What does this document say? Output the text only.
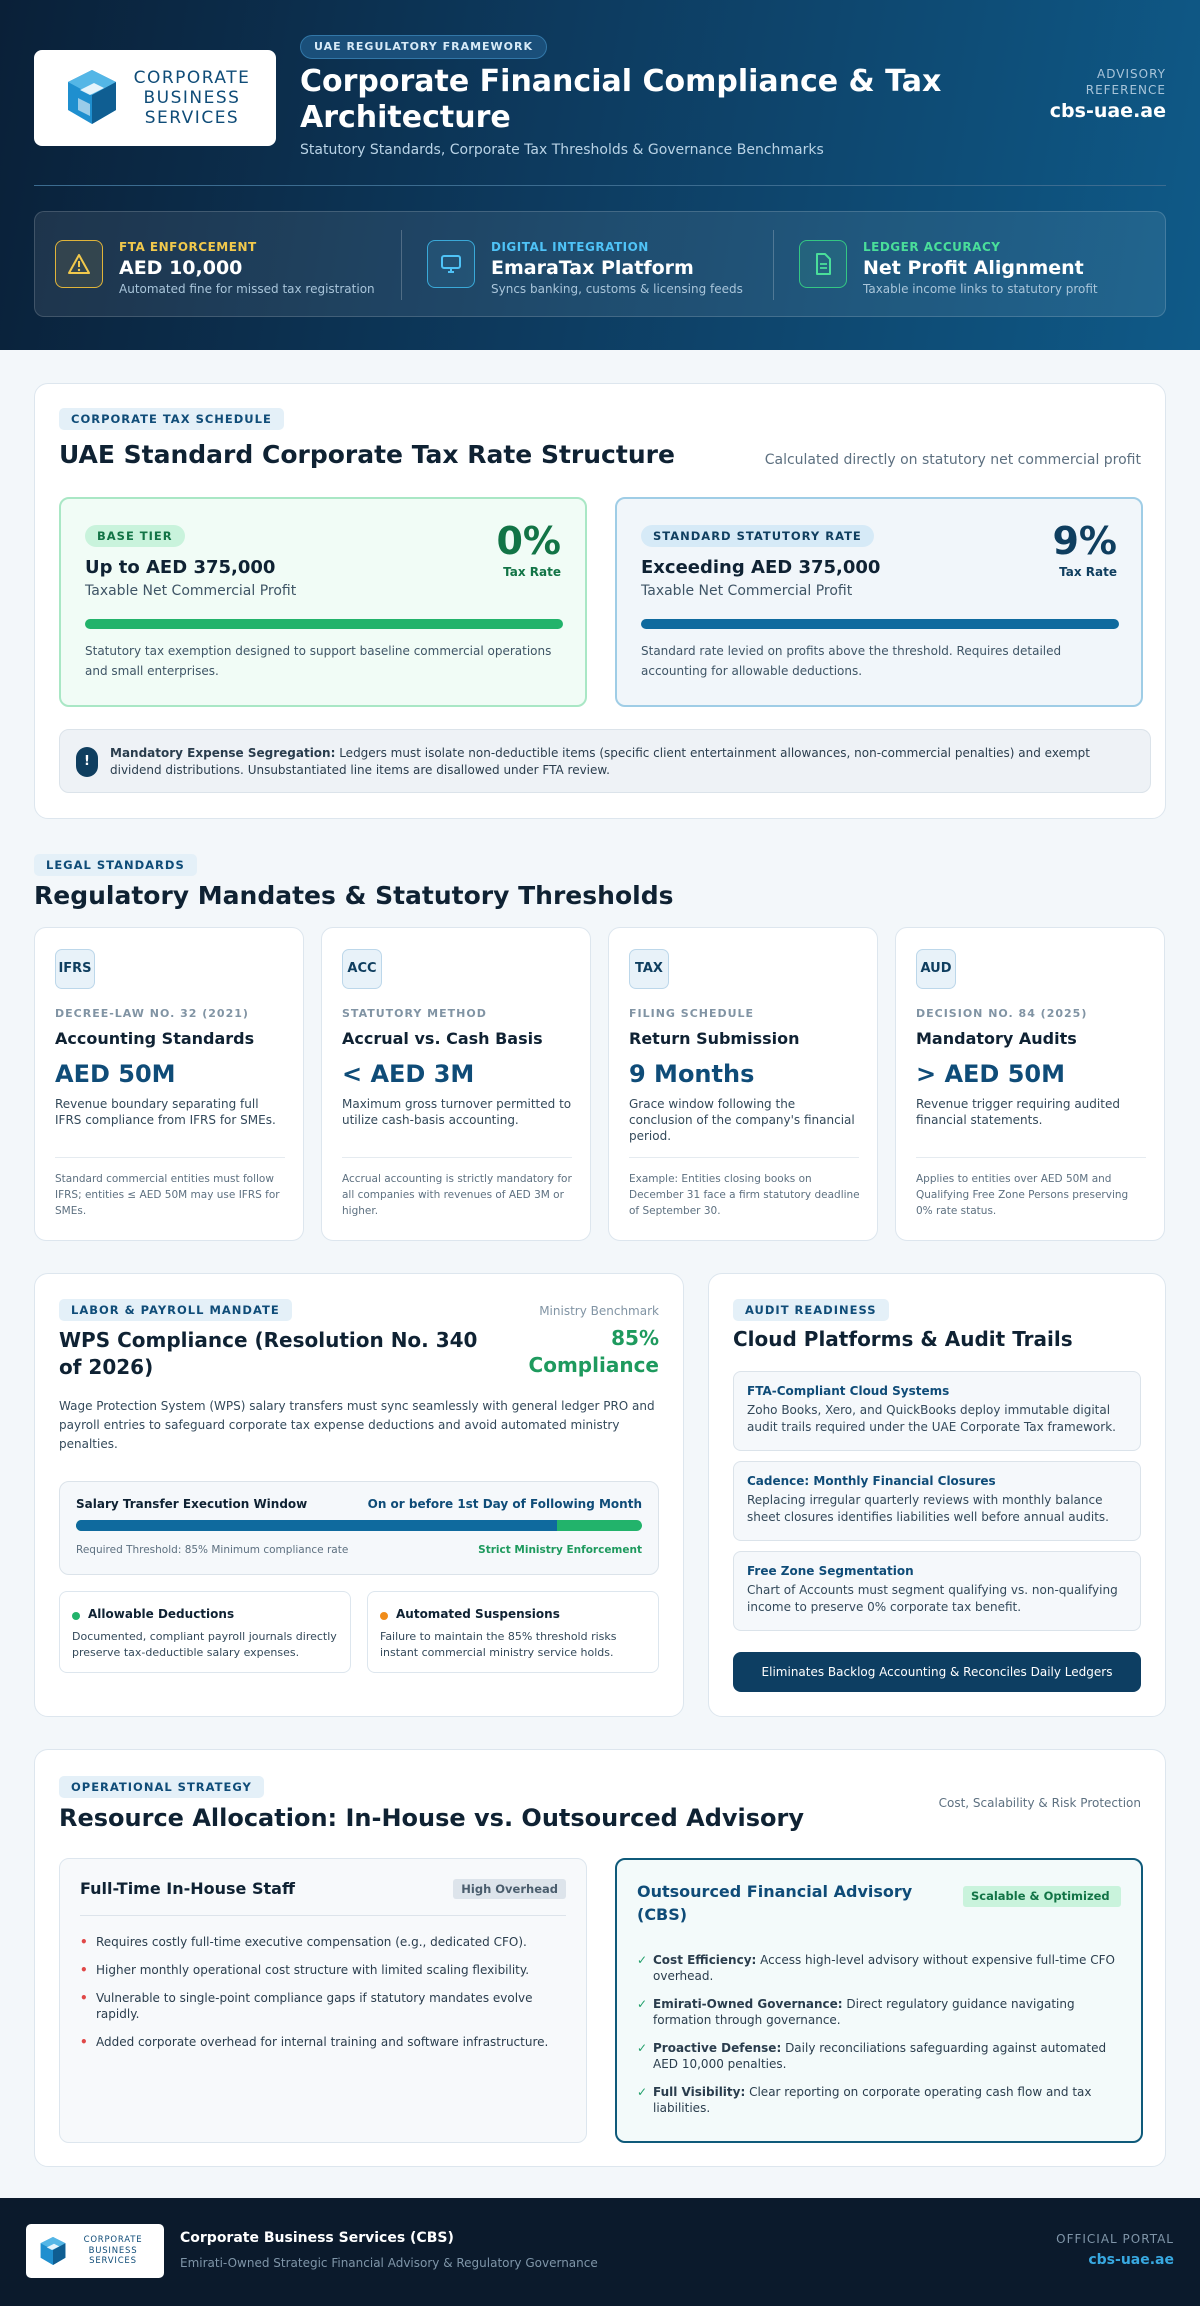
CORPORATE
BUSINESS
SERVICES
UAE REGULATORY FRAMEWORK
Corporate Financial Compliance & Tax Architecture
Statutory Standards, Corporate Tax Thresholds & Governance Benchmarks
ADVISORY REFERENCE
cbs-uae.ae
FTA ENFORCEMENT
AED 10,000
Automated fine for missed tax registration
DIGITAL INTEGRATION
EmaraTax Platform
Syncs banking, customs & licensing feeds
LEDGER ACCURACY
Net Profit Alignment
Taxable income links to statutory profit
CORPORATE TAX SCHEDULE
UAE Standard Corporate Tax Rate Structure	Calculated directly on statutory net commercial profit
BASE TIER	0%
Tax Rate
Up to AED 375,000
Taxable Net Commercial Profit
Statutory tax exemption designed to support baseline commercial operations and small enterprises.
STANDARD STATUTORY RATE	9%
Tax Rate
Exceeding AED 375,000
Taxable Net Commercial Profit
Standard rate levied on profits above the threshold. Requires detailed accounting for allowable deductions.
!
Mandatory Expense Segregation: Ledgers must isolate non-deductible items (specific client entertainment allowances, non-commercial penalties) and exempt dividend distributions. Unsubstantiated line items are disallowed under FTA review.
LEGAL STANDARDS
Regulatory Mandates & Statutory Thresholds
IFRS
DECREE-LAW NO. 32 (2021)
Accounting Standards
AED 50M
Revenue boundary separating full IFRS compliance from IFRS for SMEs.
Standard commercial entities must follow IFRS; entities ≤ AED 50M may use IFRS for SMEs.
ACC
STATUTORY METHOD
Accrual vs. Cash Basis
< AED 3M
Maximum gross turnover permitted to utilize cash-basis accounting.
Accrual accounting is strictly mandatory for all companies with revenues of AED 3M or higher.
TAX
FILING SCHEDULE
Return Submission
9 Months
Grace window following the conclusion of the company's financial period.
Example: Entities closing books on December 31 face a firm statutory deadline of September 30.
AUD
DECISION NO. 84 (2025)
Mandatory Audits
> AED 50M
Revenue trigger requiring audited financial statements.
Applies to entities over AED 50M and Qualifying Free Zone Persons preserving 0% rate status.
LABOR & PAYROLL MANDATE
WPS Compliance (Resolution No. 340 of 2026)
Ministry Benchmark
85%
Compliance
Wage Protection System (WPS) salary transfers must sync seamlessly with general ledger PRO and payroll entries to safeguard corporate tax expense deductions and avoid automated ministry penalties.
Salary Transfer Execution Window	On or before 1st Day of Following Month
Required Threshold: 85% Minimum compliance rate	Strict Ministry Enforcement
Allowable Deductions
Documented, compliant payroll journals directly preserve tax-deductible salary expenses.
Automated Suspensions
Failure to maintain the 85% threshold risks instant commercial ministry service holds.
AUDIT READINESS
Cloud Platforms & Audit Trails
FTA-Compliant Cloud Systems
Zoho Books, Xero, and QuickBooks deploy immutable digital audit trails required under the UAE Corporate Tax framework.
Cadence: Monthly Financial Closures
Replacing irregular quarterly reviews with monthly balance sheet closures identifies liabilities well before annual audits.
Free Zone Segmentation
Chart of Accounts must segment qualifying vs. non-qualifying income to preserve 0% corporate tax benefit.
Eliminates Backlog Accounting & Reconciles Daily Ledgers
OPERATIONAL STRATEGY
Resource Allocation: In-House vs. Outsourced Advisory
Cost, Scalability & Risk Protection
Full-Time In-House Staff	High Overhead
• Requires costly full-time executive compensation (e.g., dedicated CFO).
• Higher monthly operational cost structure with limited scaling flexibility.
• Vulnerable to single-point compliance gaps if statutory mandates evolve rapidly.
• Added corporate overhead for internal training and software infrastructure.
Outsourced Financial Advisory (CBS)
Scalable & Optimized
✓ Cost Efficiency: Access high-level advisory without expensive full-time CFO overhead.
✓ Emirati-Owned Governance: Direct regulatory guidance navigating formation through governance.
✓ Proactive Defense: Daily reconciliations safeguarding against automated AED 10,000 penalties.
✓ Full Visibility: Clear reporting on corporate operating cash flow and tax liabilities.
CORPORATE
BUSINESS
SERVICES
Corporate Business Services (CBS)
Emirati-Owned Strategic Financial Advisory & Regulatory Governance
OFFICIAL PORTAL
cbs-uae.ae
